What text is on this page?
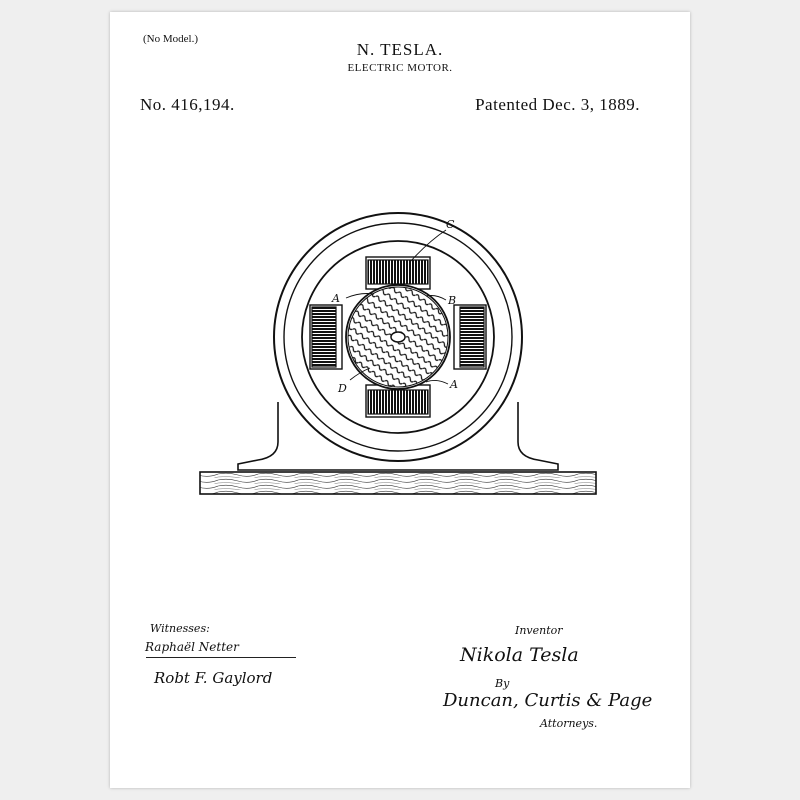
(No Model.)
N. TESLA.
ELECTRIC MOTOR.
No. 416,194.	Patented Dec. 3, 1889.
C
A	B
D	A
Witnesses:
Raphaël Netter
Robt F. Gaylord
Inventor
Nikola Tesla
By
Duncan, Curtis & Page
Attorneys.
